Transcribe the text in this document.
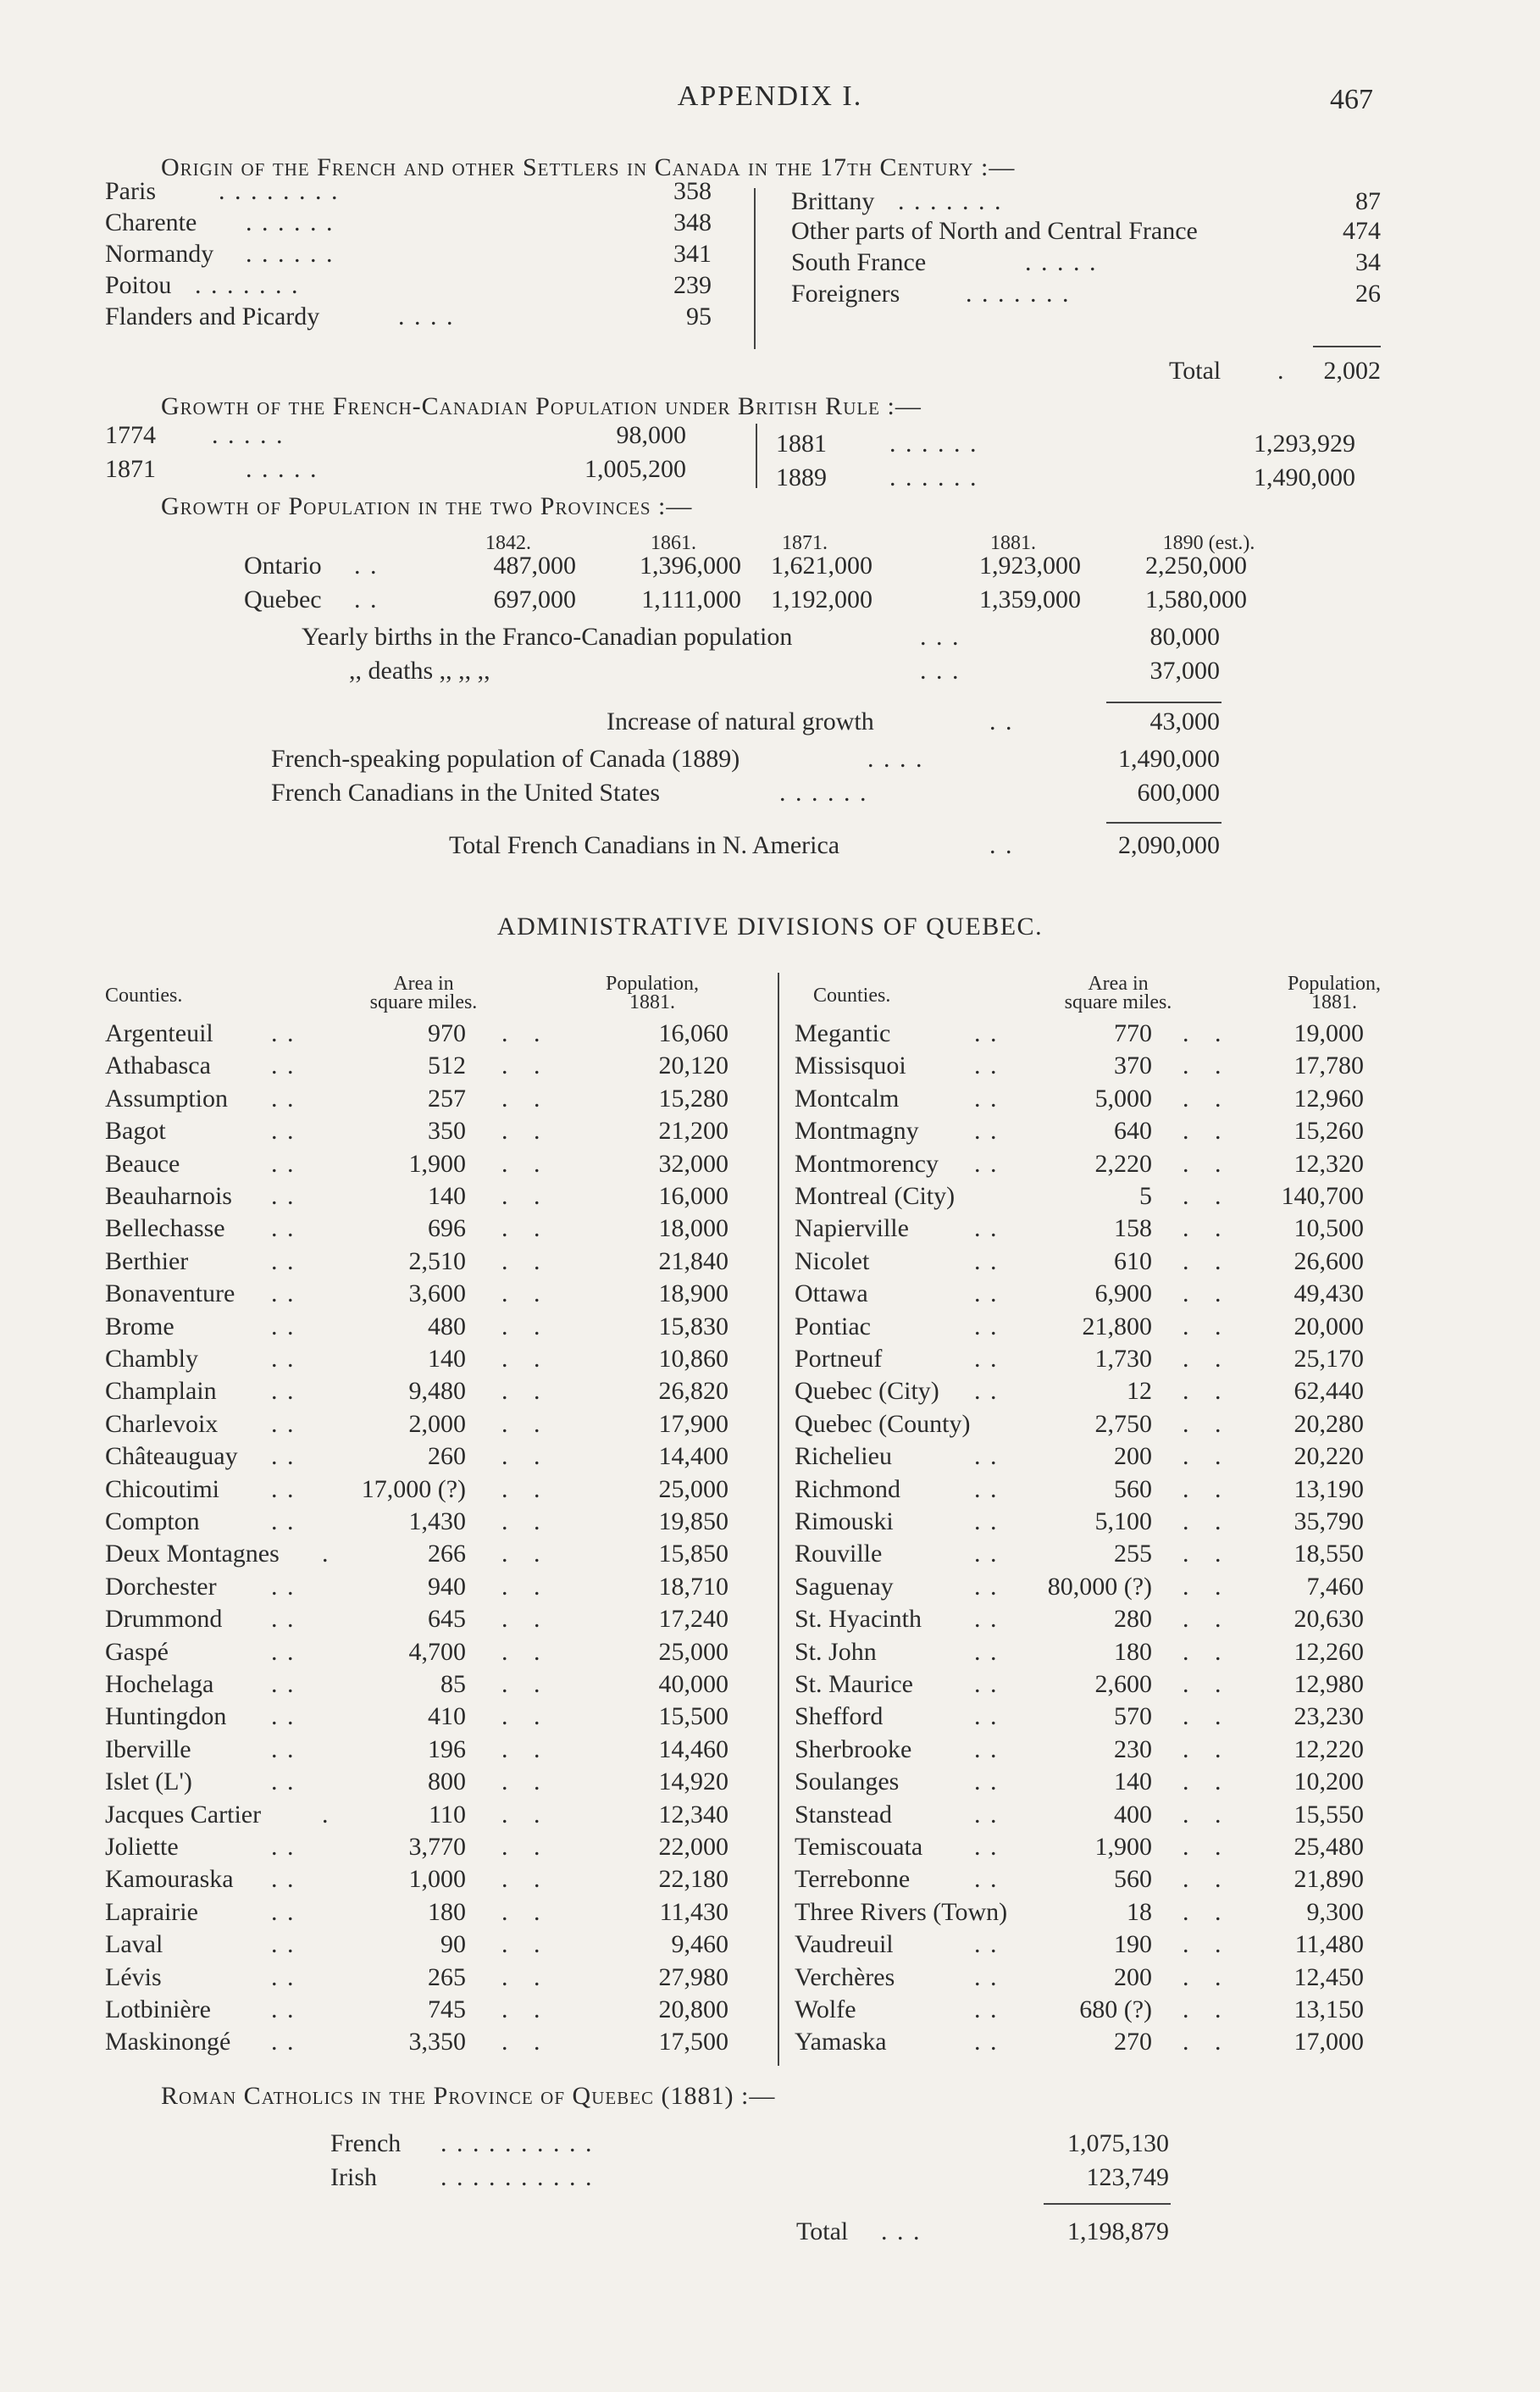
APPENDIX I.	467
Origin of the French and other Settlers in Canada in the 17th Century :—
Paris . . . . . . . .	358
Charente . . . . . .	348
Normandy . . . . . .	341
Poitou . . . . . . .	239
Flanders and Picardy	. . . .	95
Brittany . . . . . . .	87
Other parts of North and Central France	474
South France	. . . . .	34
Foreigners	. . . . . . .	26
Total .	2,002
Growth of the French-Canadian Population under British Rule :—
1774 . . . . .	98,000
1871	. . . . .	1,005,200
1881 . . . . . .	1,293,929
1889 . . . . . .	1,490,000
Growth of Population in the two Provinces :—
1842.	1861.	1871.	1881.	1890 (est.).
Ontario . .	487,000	1,396,000	1,621,000	1,923,000	2,250,000
Quebec . .	697,000	1,111,000	1,192,000	1,359,000	1,580,000
Yearly births in the Franco-Canadian population	. . .	80,000
,, deaths ,, ,, ,,	. . .	37,000
Increase of natural growth	. .	43,000
French-speaking population of Canada (1889)	. . . .	1,490,000
French Canadians in the United States	. . . . . .	600,000
Total French Canadians in N. America	. .	2,090,000
ADMINISTRATIVE DIVISIONS OF QUEBEC.
Counties.
Area in
square miles.
Population,
1881.	Counties.
Area in
square miles.
Population,
1881.
Argenteuil . .	970 .   .	16,060
Athabasca . .	512 .   .	20,120
Assumption . .	257 .   .	15,280
Bagot	. .	350 .   .	21,200
Beauce	. .	1,900 .   .	32,000
Beauharnois . .	140 .   .	16,000
Bellechasse . .	696 .   .	18,000
Berthier	. .	2,510 .   .	21,840
Bonaventure . .	3,600 .   .	18,900
Brome	. .	480 .   .	15,830
Chambly	. .	140 .   .	10,860
Champlain . .	9,480 .   .	26,820
Charlevoix . .	2,000 .   .	17,900
Châteauguay . .	260 .   .	14,400
Chicoutimi . .	17,000 (?) .   .	25,000
Compton	. .	1,430 .   .	19,850
Deux Montagnes .	266 .   .	15,850
Dorchester . .	940 .   .	18,710
Drummond . .	645 .   .	17,240
Gaspé	. .	4,700 .   .	25,000
Hochelaga . .	85 .   .	40,000
Huntingdon . .	410 .   .	15,500
Iberville	. .	196 .   .	14,460
Islet (L')	. .	800 .   .	14,920
Jacques Cartier .	110 .   .	12,340
Joliette	. .	3,770 .   .	22,000
Kamouraska . .	1,000 .   .	22,180
Laprairie	. .	180 .   .	11,430
Laval	. .	90 .   .	9,460
Lévis	. .	265 .   .	27,980
Lotbinière . .	745 .   .	20,800
Maskinongé . .	3,350 .   .	17,500
Megantic	. .	770 .   .	19,000
Missisquoi	. .	370 .   .	17,780
Montcalm	. .	5,000 .   .	12,960
Montmagny . .	640 .   .	15,260
Montmorency . .	2,220 .   .	12,320
Montreal (City)	5 .   .	140,700
Napierville	. .	158 .   .	10,500
Nicolet	. .	610 .   .	26,600
Ottawa	. .	6,900 .   .	49,430
Pontiac	. .	21,800 .   .	20,000
Portneuf	. .	1,730 .   .	25,170
Quebec (City) . .	12 .   .	62,440
Quebec (County)	2,750 .   .	20,280
Richelieu	. .	200 .   .	20,220
Richmond	. .	560 .   .	13,190
Rimouski	. .	5,100 .   .	35,790
Rouville	. .	255 .   .	18,550
Saguenay	. .	80,000 (?) .   .	7,460
St. Hyacinth . .	280 .   .	20,630
St. John	. .	180 .   .	12,260
St. Maurice . .	2,600 .   .	12,980
Shefford	. .	570 .   .	23,230
Sherbrooke . .	230 .   .	12,220
Soulanges	. .	140 .   .	10,200
Stanstead	. .	400 .   .	15,550
Temiscouata . .	1,900 .   .	25,480
Terrebonne	. .	560 .   .	21,890
Three Rivers (Town)	18 .   .	9,300
Vaudreuil	. .	190 .   .	11,480
Verchères	. .	200 .   .	12,450
Wolfe	. .	680 (?) .   .	13,150
Yamaska	. .	270 .   .	17,000
Roman Catholics in the Province of Quebec (1881) :—
French . . . . . . . . . .	1,075,130
Irish	. . . . . . . . . .	123,749
Total . . .	1,198,879
